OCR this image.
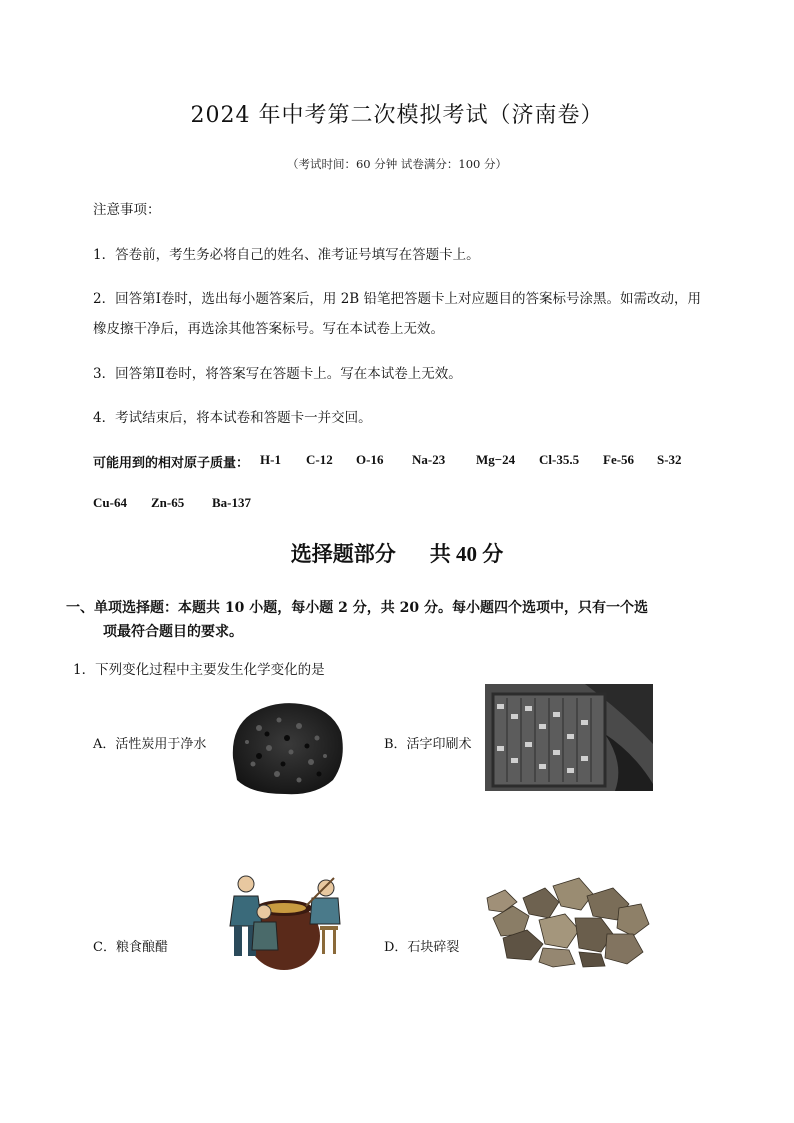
2024 年中考第二次模拟考试（济南卷）
（考试时间：60 分钟 试卷满分：100 分）
注意事项：
1．答卷前，考生务必将自己的姓名、准考证号填写在答题卡上。
2．回答第Ⅰ卷时，选出每小题答案后，用 2B 铅笔把答题卡上对应题目的答案标号涂黑。如需改动，用
橡皮擦干净后，再选涂其他答案标号。写在本试卷上无效。
3．回答第Ⅱ卷时，将答案写在答题卡上。写在本试卷上无效。
4．考试结束后，将本试卷和答题卡一并交回。
可能用到的相对原子质量： H-1 C-12 O-16 Na-23 Mg−24 Cl-35.5 Fe-56 S-32
Cu-64 Zn-65 Ba-137
选择题部分 共 40 分
一、单项选择题：本题共 10 小题，每小题 2 分，共 20 分。每小题四个选项中，只有一个选
项最符合题目的要求。
1．下列变化过程中主要发生化学变化的是
A．活性炭用于净水	B．活字印刷术
C．粮食酿醋	D．石块碎裂
